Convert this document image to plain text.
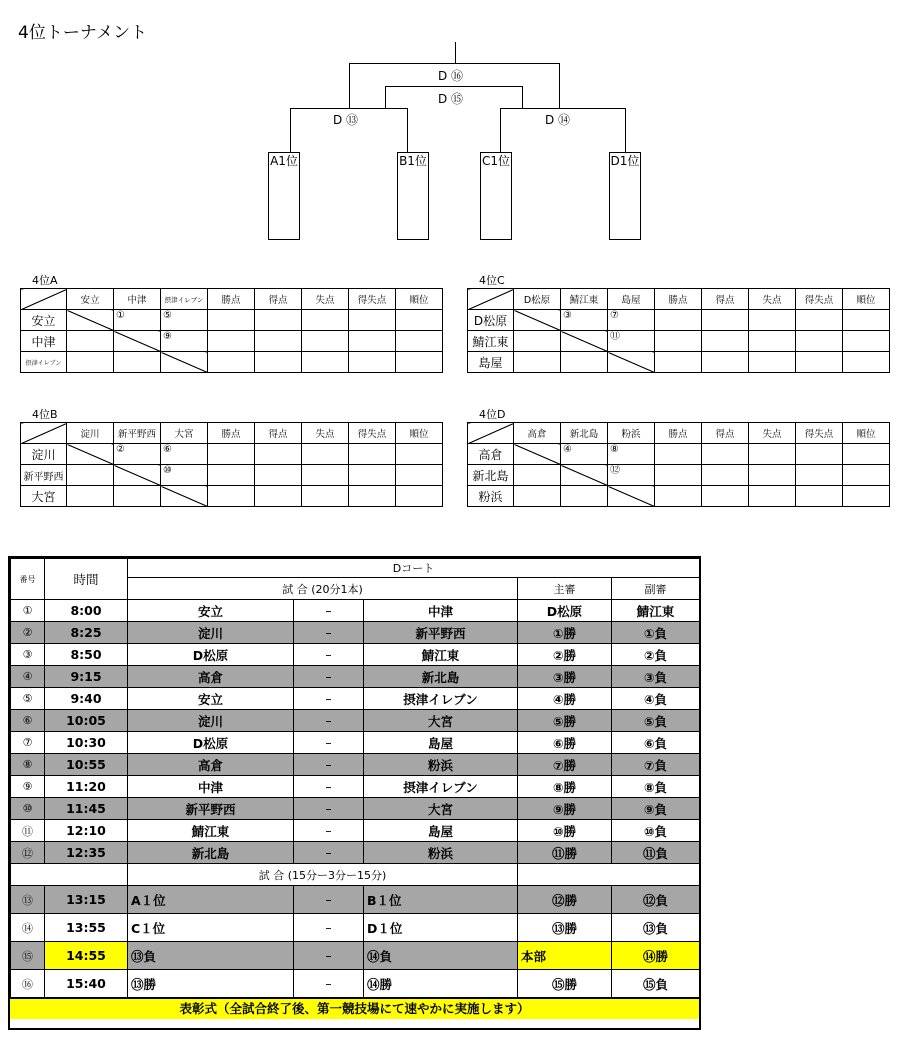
4位トーナメント
D ⑯
D ⑮
D ⑬	D ⑭
A1位	B1位	C1位	D1位
4位A
	安立	中津	摂津イレブン	勝点	得点	失点	得失点	順位
安立		①	⑤					

中津			⑨					

摂津イレブン								
4位C
	D松原	鯖江東	島屋	勝点	得点	失点	得失点	順位
D松原		③	⑦					

鯖江東			⑪					

島屋								
4位B
	淀川	新平野西	大宮	勝点	得点	失点	得失点	順位
淀川		②	⑥					

新平野西			⑩					

大宮								
4位D
	高倉	新北島	粉浜	勝点	得点	失点	得失点	順位
高倉		④	⑧					

新北島			⑫					

粉浜								
番号	時間	Dコート				
		試 合 (20分1本)			主審	副審
①	8:00	安立	–	中津	D松原	鯖江東
②	8:25	淀川	–	新平野西	①勝	①負
③	8:50	D松原	–	鯖江東	②勝	②負
④	9:15	高倉	–	新北島	③勝	③負
⑤	9:40	安立	–	摂津イレブン	④勝	④負
⑥	10:05	淀川	–	大宮	⑤勝	⑤負
⑦	10:30	D松原	–	島屋	⑥勝	⑥負
⑧	10:55	高倉	–	粉浜	⑦勝	⑦負
⑨	11:20	中津	–	摂津イレブン	⑧勝	⑧負
⑩	11:45	新平野西	–	大宮	⑨勝	⑨負
⑪	12:10	鯖江東	–	島屋	⑩勝	⑩負
⑫	12:35	新北島	–	粉浜	⑪勝	⑪負
		試 合 (15分ー3分ー15分)				
⑬	13:15	A１位	–	B１位	⑫勝	⑫負
⑭	13:55	C１位	–	D１位	⑬勝	⑬負
⑮	14:55	⑬負	–	⑭負	本部	⑭勝
⑯	15:40	⑬勝	–	⑭勝	⑮勝	⑮負
表彰式（全試合終了後、第一競技場にて速やかに実施します）
